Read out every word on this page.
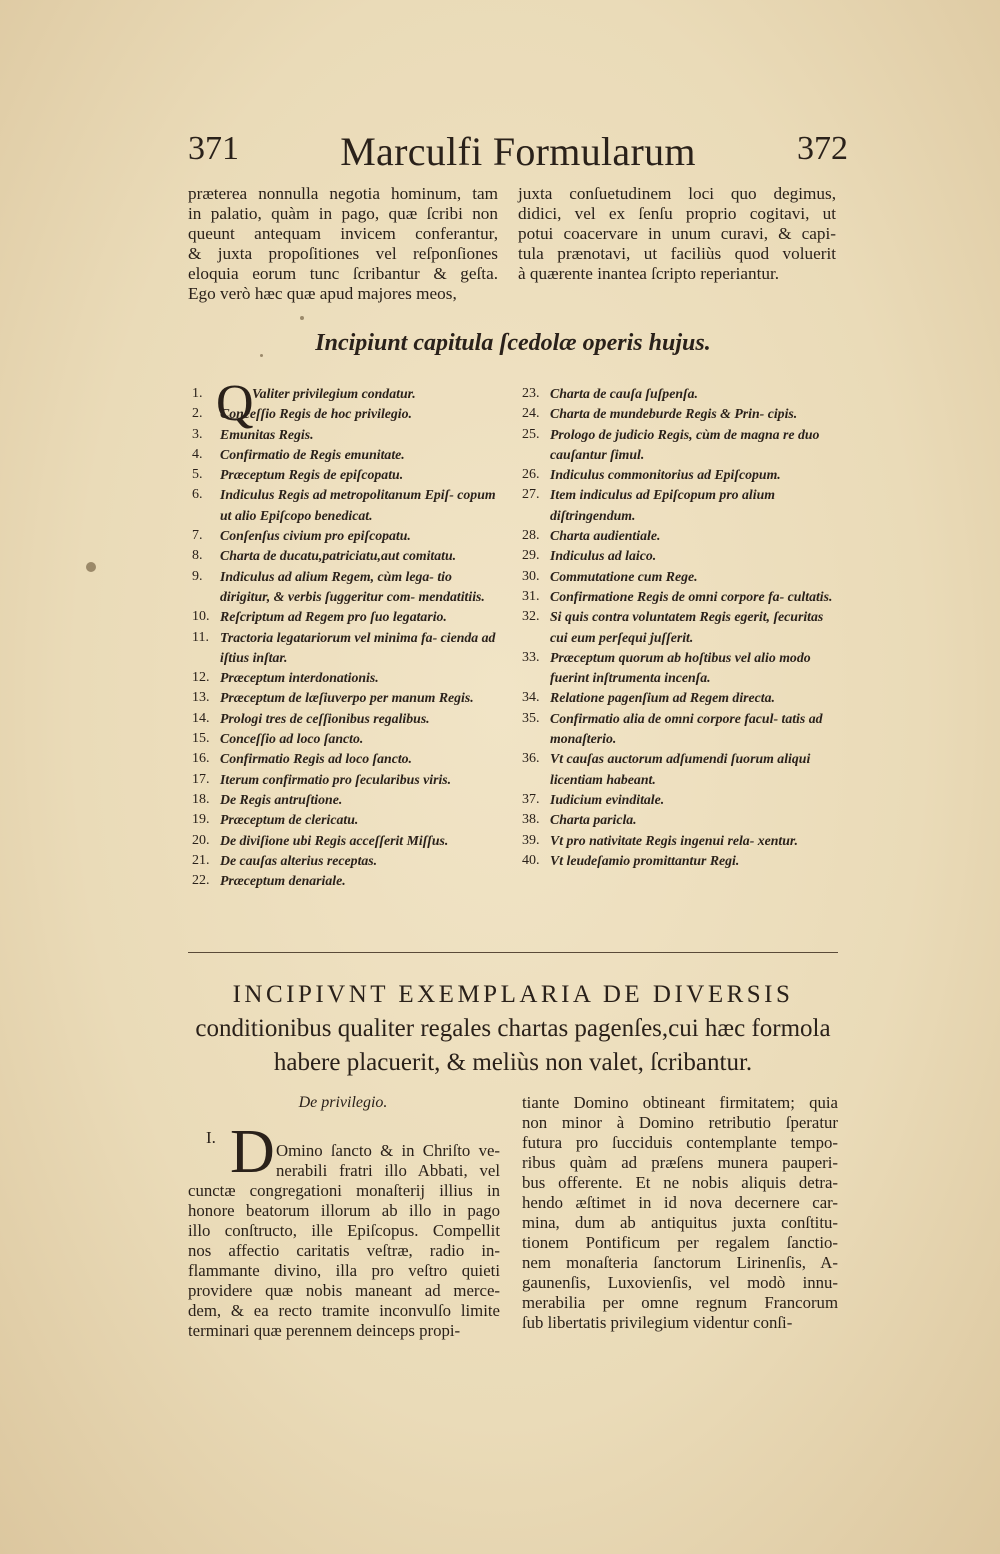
371	Marculfi Formularum	372
præterea nonnulla negotia hominum, tam
in palatio, quàm in pago, quæ ſcribi non
queunt antequam invicem conferantur,
& juxta propoſitiones vel reſponſiones
eloquia eorum tunc ſcribantur & geſta.
Ego verò hæc quæ apud majores meos,
juxta conſuetudinem loci quo degimus,
didici, vel ex ſenſu proprio cogitavi, ut
potui coacervare in unum curavi, & capi-
tula prænotavi, ut faciliùs quod voluerit
à quærente inantea ſcripto reperiantur.
Incipiunt capitula ſcedolæ operis hujus.
1. Q
Valiter privilegium condatur.
2. Conceſſio Regis de hoc privilegio.
3. Emunitas Regis.
4. Confirmatio de Regis emunitate.
5. Præceptum Regis de epiſcopatu.
6. Indiculus Regis ad metropolitanum Epiſ- copum ut alio Epiſcopo benedicat.
7. Conſenſus civium pro epiſcopatu.
8. Charta de ducatu,patriciatu,aut comitatu.
9. Indiculus ad alium Regem, cùm lega- tio dirigitur, & verbis ſuggeritur com- mendatitiis.
10. Reſcriptum ad Regem pro ſuo legatario.
11. Tractoria legatariorum vel minima fa- cienda ad iſtius inſtar.
12. Præceptum interdonationis.
13. Præceptum de læſiuverpo per manum Regis.
14. Prologi tres de ceſſionibus regalibus.
15. Conceſſio ad loco ſancto.
16. Confirmatio Regis ad loco ſancto.
17. Iterum confirmatio pro ſecularibus viris.
18. De Regis antruſtione.
19. Præceptum de clericatu.
20. De diviſione ubi Regis acceſſerit Miſſus.
21. De cauſas alterius receptas.
22. Præceptum denariale.
23. Charta de cauſa ſuſpenſa.
24. Charta de mundeburde Regis & Prin- cipis.
25. Prologo de judicio Regis, cùm de magna re duo cauſantur ſimul.
26. Indiculus commonitorius ad Epiſcopum.
27. Item indiculus ad Epiſcopum pro alium diſtringendum.
28. Charta audientiale.
29. Indiculus ad laico.
30. Commutatione cum Rege.
31. Confirmatione Regis de omni corpore fa- cultatis.
32. Si quis contra voluntatem Regis egerit, ſecuritas cui eum perſequi juſſerit.
33. Præceptum quorum ab hoſtibus vel alio modo fuerint inſtrumenta incenſa.
34. Relatione pagenſium ad Regem directa.
35. Confirmatio alia de omni corpore facul- tatis ad monaſterio.
36. Vt cauſas auctorum adſumendi ſuorum aliqui licentiam habeant.
37. Iudicium evinditale.
38. Charta paricla.
39. Vt pro nativitate Regis ingenui rela- xentur.
40. Vt leudeſamio promittantur Regi.
INCIPIVNT EXEMPLARIA DE DIVERSIS
conditionibus qualiter regales chartas pagenſes,cui hæc formola
habere placuerit, & meliùs non valet, ſcribantur.
De privilegio.
I. D Omino ſancto & in Chriſto ve-
nerabili fratri illo Abbati, vel
cunctæ congregationi monaſterij illius in
honore beatorum illorum ab illo in pago
illo conſtructo, ille Epiſcopus. Compellit
nos affectio caritatis veſtræ, radio in-
flammante divino, illa pro veſtro quieti
providere quæ nobis maneant ad merce-
dem, & ea recto tramite inconvulſo limite
terminari quæ perennem deinceps propi-
tiante Domino obtineant firmitatem; quia
non minor à Domino retributio ſperatur
futura pro ſucciduis contemplante tempo-
ribus quàm ad præſens munera pauperi-
bus offerente. Et ne nobis aliquis detra-
hendo æſtimet in id nova decernere car-
mina, dum ab antiquitus juxta conſtitu-
tionem Pontificum per regalem ſanctio-
nem monaſteria ſanctorum Lirinenſis, A-
gaunenſis, Luxovienſis, vel modò innu-
merabilia per omne regnum Francorum
ſub libertatis privilegium videntur conſi-
